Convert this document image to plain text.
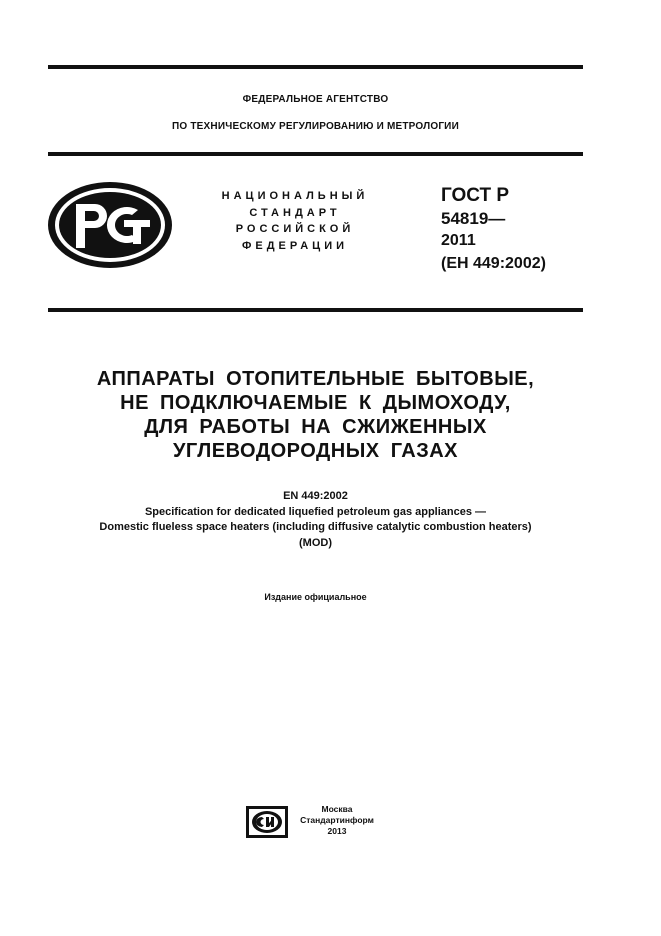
ФЕДЕРАЛЬНОЕ АГЕНТСТВО
ПО ТЕХНИЧЕСКОМУ РЕГУЛИРОВАНИЮ И МЕТРОЛОГИИ
НАЦИОНАЛЬНЫЙ
СТАНДАРТ
РОССИЙСКОЙ
ФЕДЕРАЦИИ
ГОСТ Р
54819—
2011
(ЕН 449:2002)
АППАРАТЫ ОТОПИТЕЛЬНЫЕ БЫТОВЫЕ,
НЕ ПОДКЛЮЧАЕМЫЕ К ДЫМОХОДУ,
ДЛЯ РАБОТЫ НА СЖИЖЕННЫХ
УГЛЕВОДОРОДНЫХ ГАЗАХ
EN 449:2002
Specification for dedicated liquefied petroleum gas appliances —
Domestic flueless space heaters (including diffusive catalytic combustion heaters)
(MOD)
Издание официальное
Москва
Стандартинформ
2013
